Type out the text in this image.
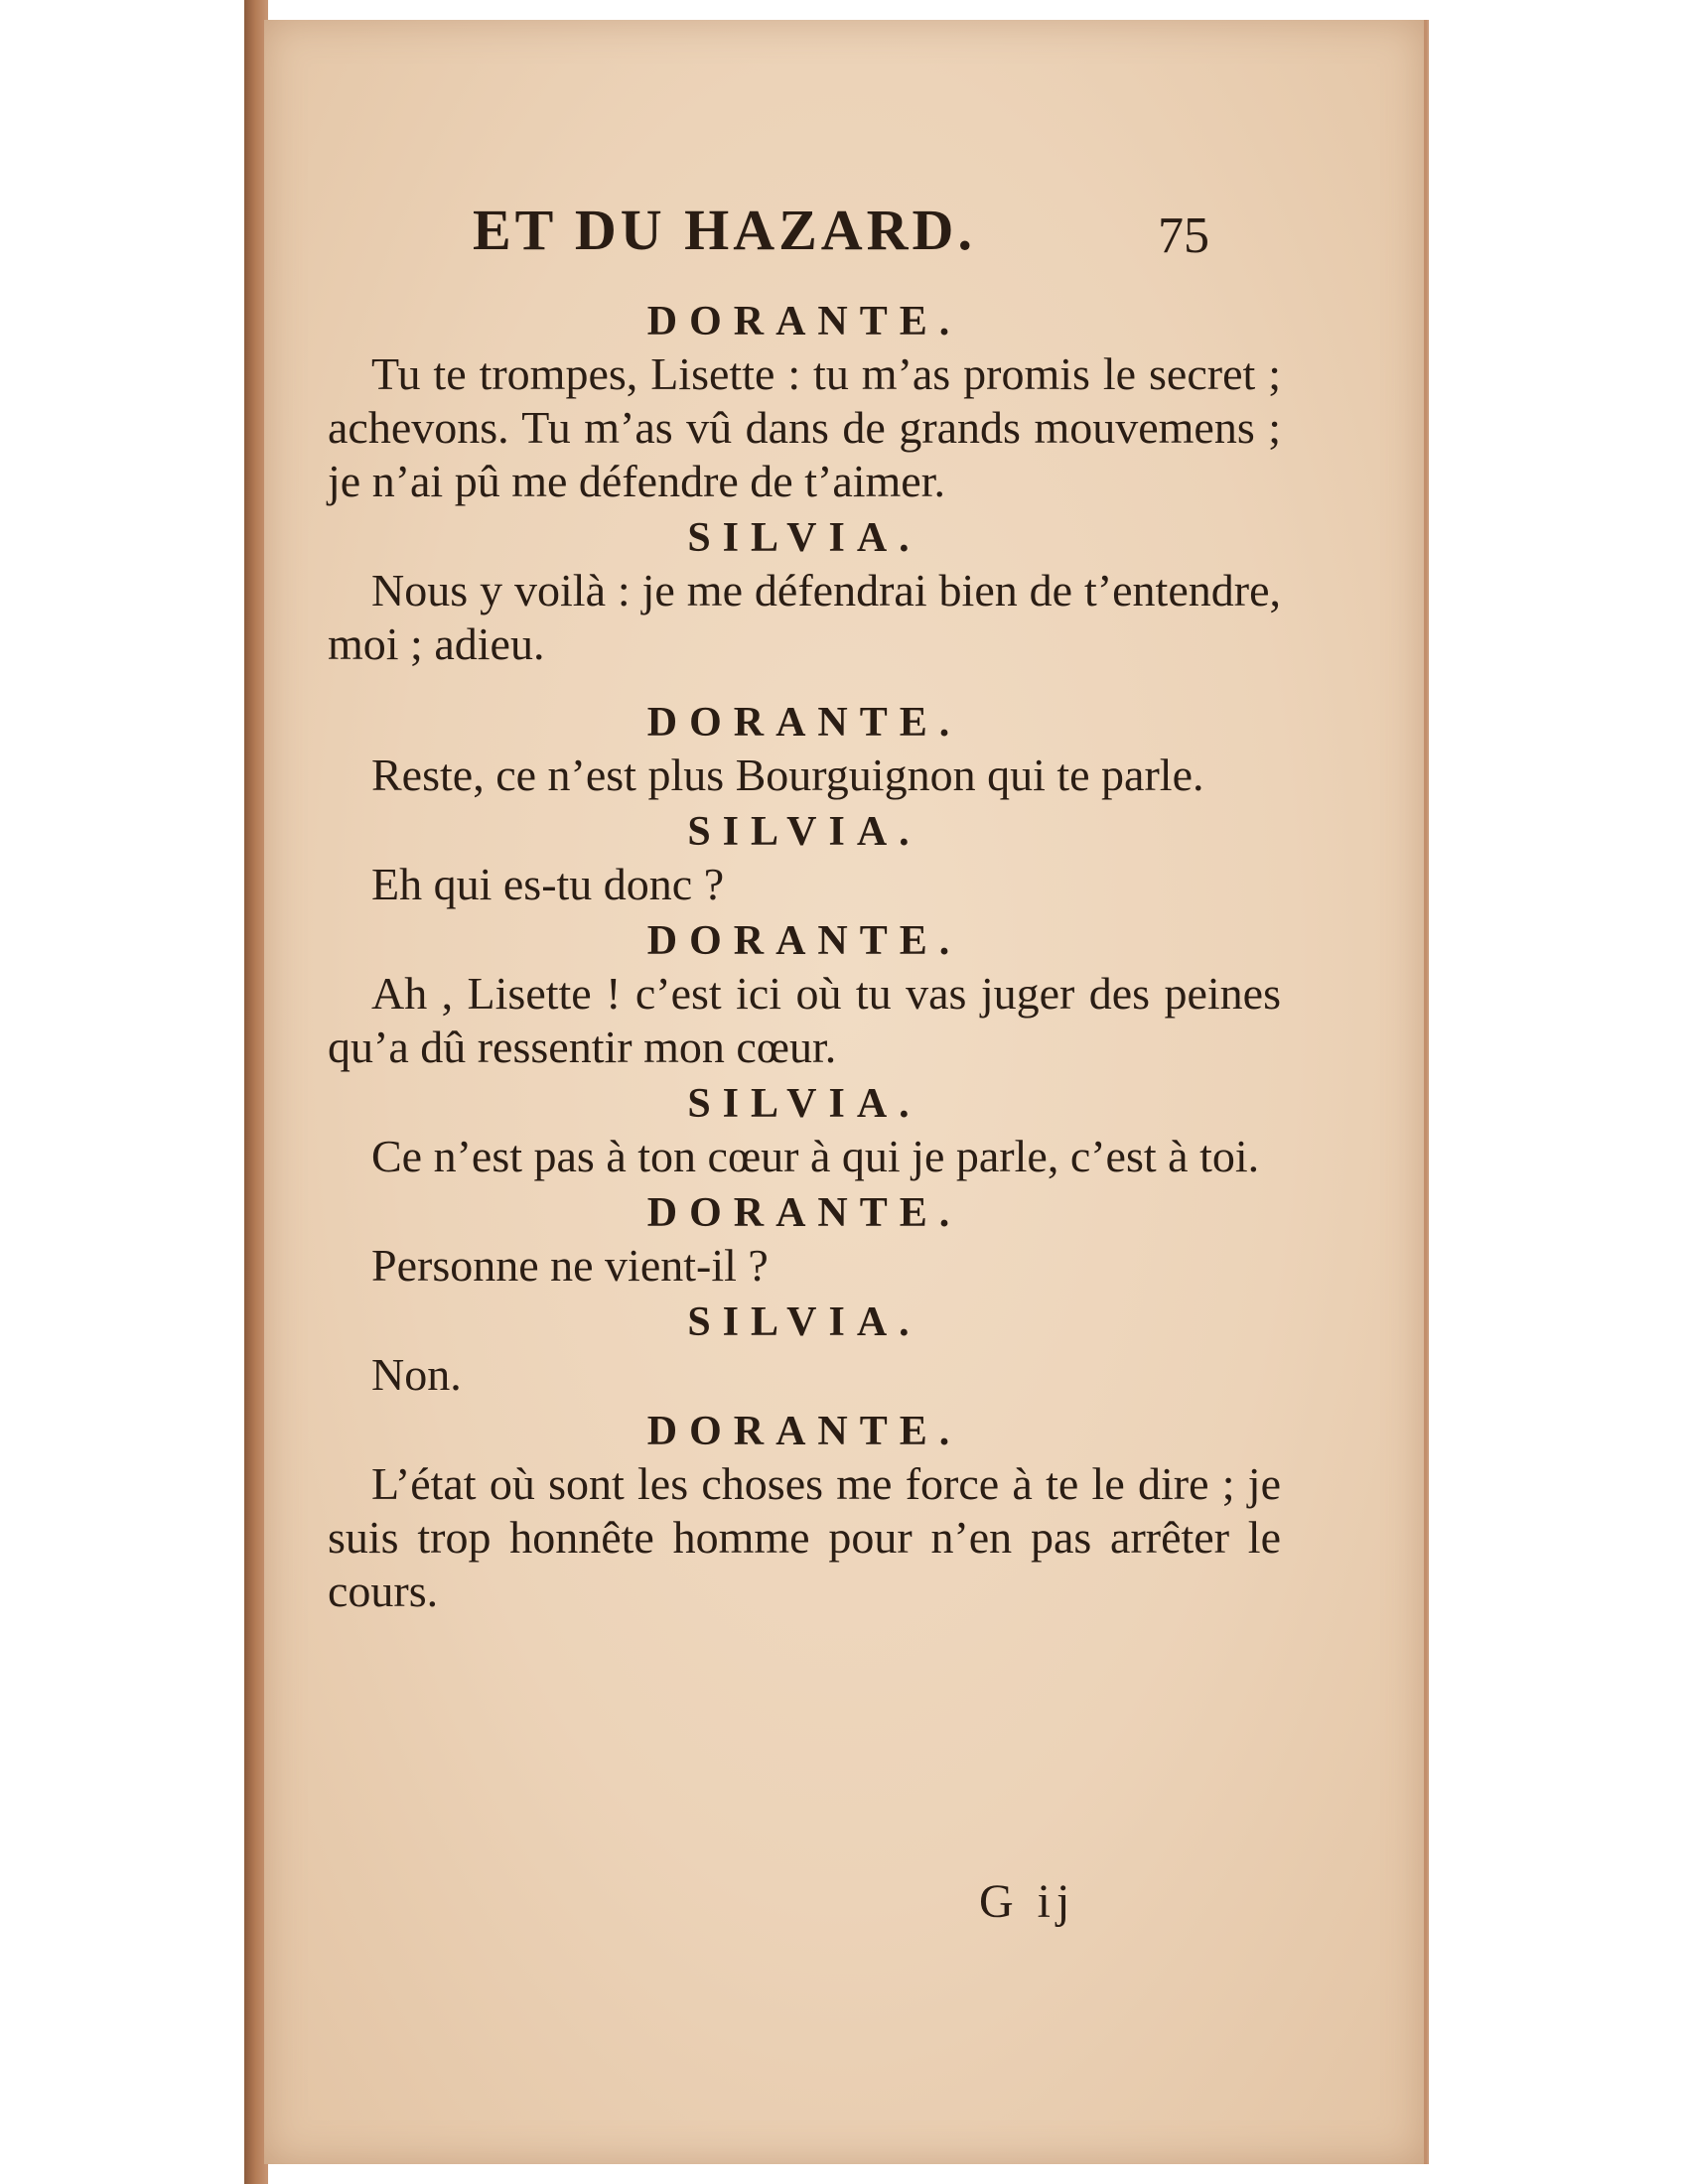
ET DU HAZARD.	75

DORANTE.

Tu te trompes, Lisette : tu m’as promis le secret ; achevons. Tu m’as vû dans de grands mouvemens ; je n’ai pû me défendre de t’aimer.

SILVIA.

Nous y voilà : je me défendrai bien de t’entendre, moi ; adieu.

DORANTE.

Reste, ce n’est plus Bourguignon qui te parle.

SILVIA.

Eh qui es-tu donc ?

DORANTE.

Ah , Lisette ! c’est ici où tu vas juger des peines qu’a dû ressentir mon cœur.

SILVIA.

Ce n’est pas à ton cœur à qui je parle, c’est à toi.

DORANTE.

Personne ne vient-il ?

SILVIA.

Non.

DORANTE.

L’état où sont les choses me force à te le dire ; je suis trop honnête homme pour n’en pas arrêter le cours.

G ij
